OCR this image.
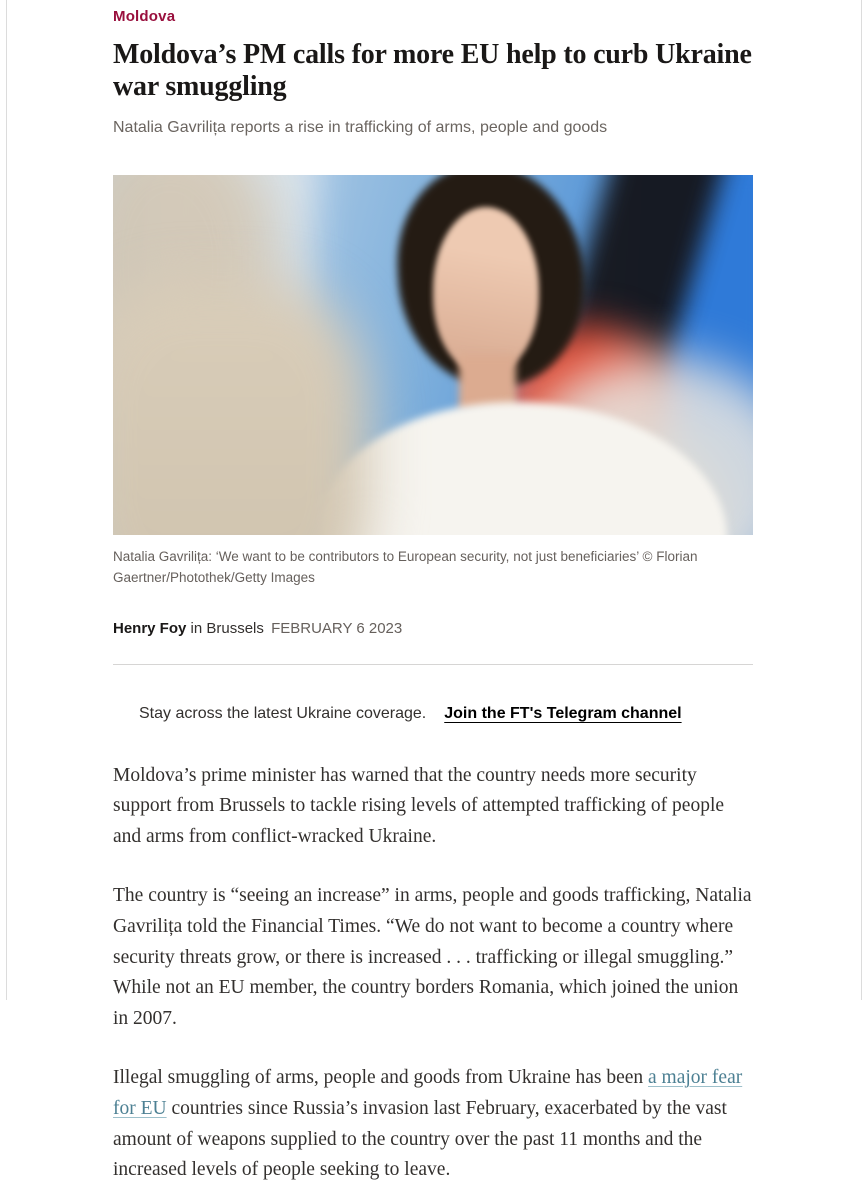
Moldova
Moldova’s PM calls for more EU help to curb Ukraine war smuggling
Natalia Gavrilița reports a rise in trafficking of arms, people and goods
Natalia Gavrilița: ‘We want to be contributors to European security, not just beneficiaries’ © Florian Gaertner/Photothek/Getty Images
Henry Foy in Brussels FEBRUARY 6 2023
Stay across the latest Ukraine coverage. Join the FT's Telegram channel

Moldova’s prime minister has warned that the country needs more security support from Brussels to tackle rising levels of attempted trafficking of people and arms from conflict-wracked Ukraine.

The country is “seeing an increase” in arms, people and goods trafficking, Natalia Gavrilița told the Financial Times. “We do not want to become a country where security threats grow, or there is increased . . . trafficking or illegal smuggling.” While not an EU member, the country borders Romania, which joined the union in 2007.

Illegal smuggling of arms, people and goods from Ukraine has been a major fear for EU countries since Russia’s invasion last February, exacerbated by the vast amount of weapons supplied to the country over the past 11 months and the increased levels of people seeking to leave.
